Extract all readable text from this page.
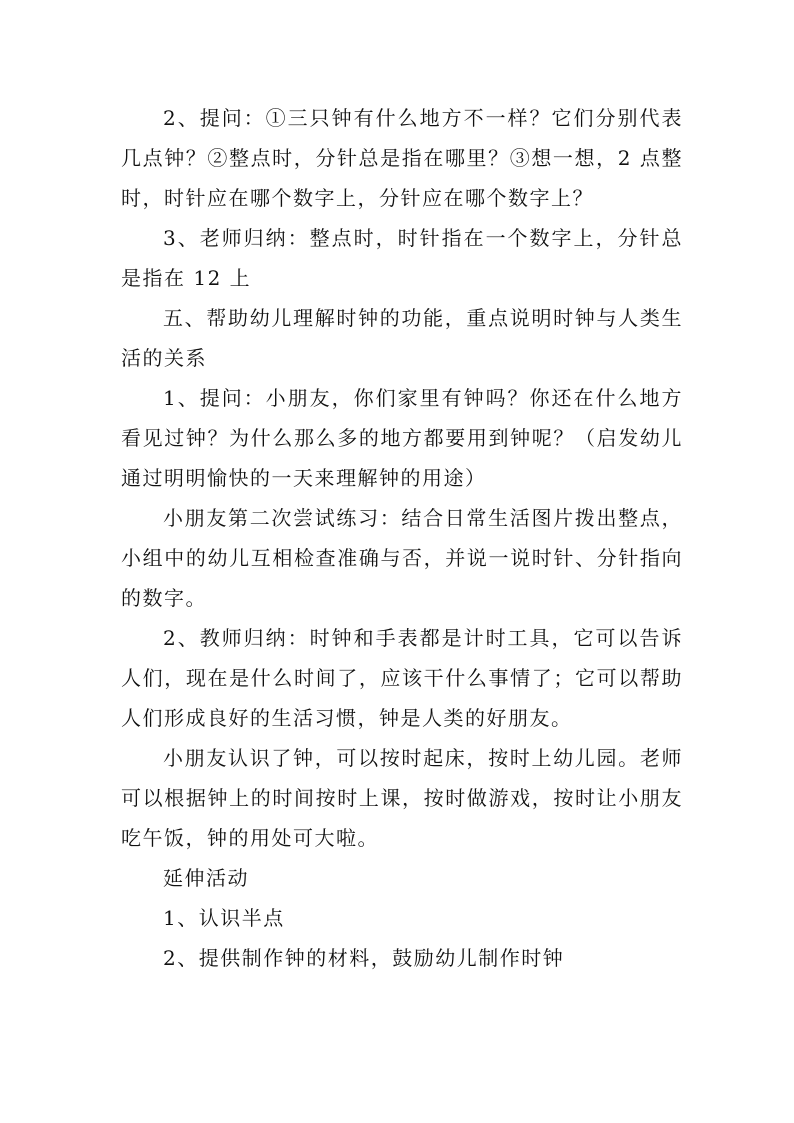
2、提问：①三只钟有什么地方不一样？它们分别代表几点钟？②整点时，分针总是指在哪里？③想一想，2 点整时，时针应在哪个数字上，分针应在哪个数字上？

3、老师归纳：整点时，时针指在一个数字上，分针总是指在 12 上

五、帮助幼儿理解时钟的功能，重点说明时钟与人类生活的关系

1、提问：小朋友，你们家里有钟吗？你还在什么地方看见过钟？为什么那么多的地方都要用到钟呢？（启发幼儿通过明明愉快的一天来理解钟的用途）

小朋友第二次尝试练习：结合日常生活图片拨出整点，小组中的幼儿互相检查准确与否，并说一说时针、分针指向的数字。

2、教师归纳：时钟和手表都是计时工具，它可以告诉人们，现在是什么时间了，应该干什么事情了；它可以帮助人们形成良好的生活习惯，钟是人类的好朋友。

小朋友认识了钟，可以按时起床，按时上幼儿园。老师可以根据钟上的时间按时上课，按时做游戏，按时让小朋友吃午饭，钟的用处可大啦。

延伸活动

1、认识半点

2、提供制作钟的材料，鼓励幼儿制作时钟
